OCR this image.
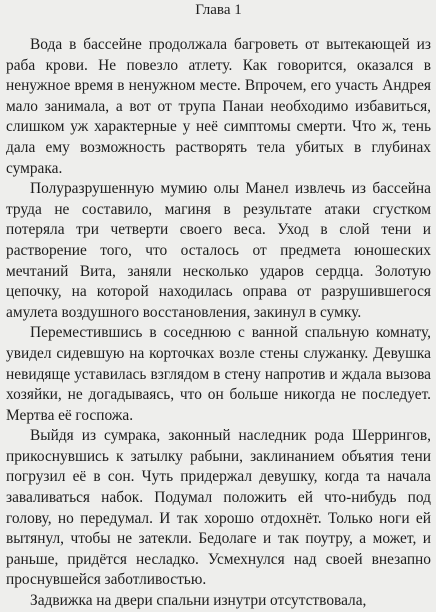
Глава 1

Вода в бассейне продолжала багроветь от вытекающей из раба крови. Не повезло атлету. Как говорится, оказался в ненужное время в ненужном месте. Впрочем, его участь Андрея мало занимала, а вот от трупа Панаи необходимо избавиться, слишком уж характерные у неё симптомы смерти. Что ж, тень дала ему возможность растворять тела убитых в глубинах сумрака.

Полуразрушенную мумию олы Манел извлечь из бассейна труда не составило, магиня в результате атаки сгустком потеряла три четверти своего веса. Уход в слой тени и растворение того, что осталось от предмета юношеских мечтаний Вита, заняли несколько ударов сердца. Золотую цепочку, на которой находилась оправа от разрушившегося амулета воздушного восстановления, закинул в сумку.

Переместившись в соседнюю с ванной спальную комнату, увидел сидевшую на корточках возле стены служанку. Девушка невидяще уставилась взглядом в стену напротив и ждала вызова хозяйки, не догадываясь, что он больше никогда не последует. Мертва её госпожа.

Выйдя из сумрака, законный наследник рода Шеррингов, прикоснувшись к затылку рабыни, заклинанием объятия тени погрузил её в сон. Чуть придержал девушку, когда та начала заваливаться набок. Подумал положить ей что-нибудь под голову, но передумал. И так хорошо отдохнёт. Только ноги ей вытянул, чтобы не затекли. Бедолаге и так поутру, а может, и раньше, придётся несладко. Усмехнулся над своей внезапно проснувшейся заботливостью.

Задвижка на двери спальни изнутри отсутствовала,
